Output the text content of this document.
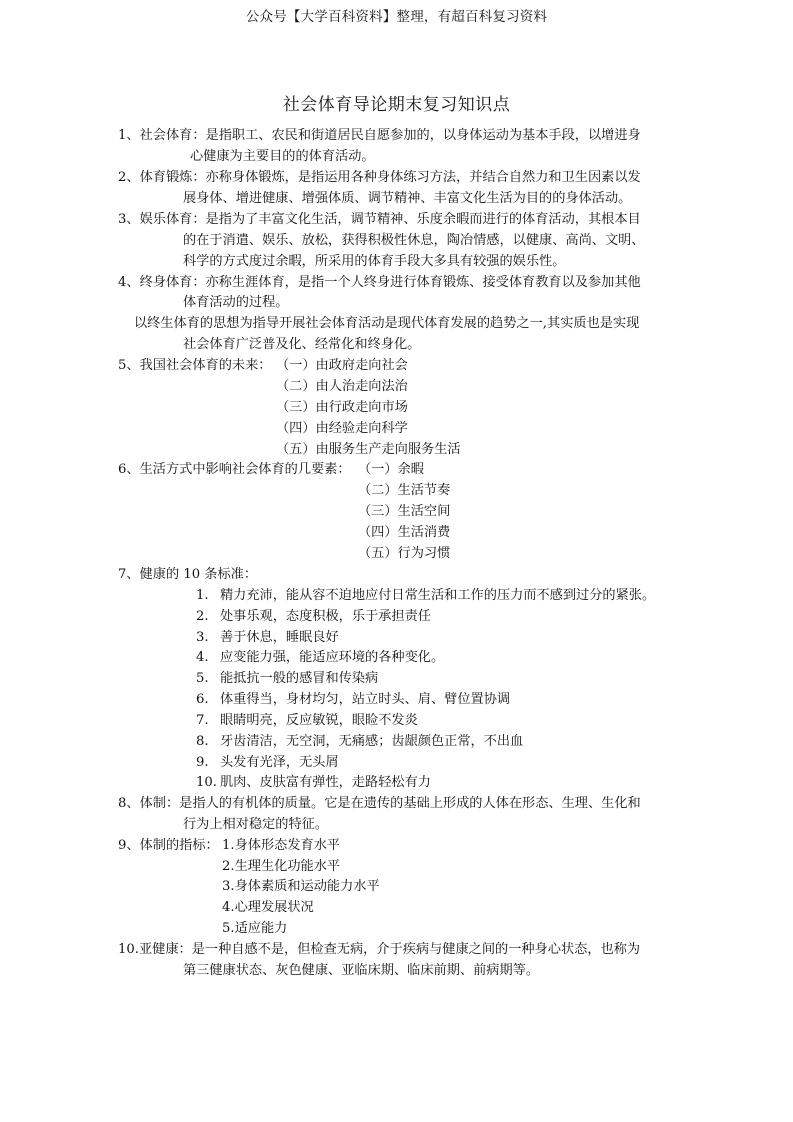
公众号【大学百科资料】整理，有超百科复习资料
社会体育导论期末复习知识点
1、社会体育：是指职工、农民和街道居民自愿参加的，以身体运动为基本手段，以增进身
心健康为主要目的的体育活动。
2、体育锻炼：亦称身体锻炼，是指运用各种身体练习方法，并结合自然力和卫生因素以发
展身体、增进健康、增强体质、调节精神、丰富文化生活为目的的身体活动。
3、娱乐体育：是指为了丰富文化生活，调节精神、乐度余暇而进行的体育活动，其根本目
的在于消遣、娱乐、放松，获得积极性休息，陶冶情感，以健康、高尚、文明、
科学的方式度过余暇，所采用的体育手段大多具有较强的娱乐性。
4、终身体育：亦称生涯体育，是指一个人终身进行体育锻炼、接受体育教育以及参加其他
体育活动的过程。
以终生体育的思想为指导开展社会体育活动是现代体育发展的趋势之一,其实质也是实现
社会体育广泛普及化、经常化和终身化。
5、我国社会体育的未来： （一）由政府走向社会
（二）由人治走向法治
（三）由行政走向市场
（四）由经验走向科学
（五）由服务生产走向服务生活
6、生活方式中影响社会体育的几要素： （一）余暇
（二）生活节奏
（三）生活空间
（四）生活消费
（五）行为习惯
7、健康的 10 条标准：
1. 精力充沛，能从容不迫地应付日常生活和工作的压力而不感到过分的紧张。
2. 处事乐观，态度积极，乐于承担责任
3. 善于休息，睡眠良好
4. 应变能力强，能适应环境的各种变化。
5. 能抵抗一般的感冒和传染病
6. 体重得当，身材均匀，站立时头、肩、臂位置协调
7. 眼睛明亮，反应敏锐，眼睑不发炎
8. 牙齿清洁，无空洞，无痛感；齿龈颜色正常，不出血
9. 头发有光泽，无头屑
10. 肌肉、皮肤富有弹性，走路轻松有力
8、体制：是指人的有机体的质量。它是在遗传的基础上形成的人体在形态、生理、生化和
行为上相对稳定的特征。
9、体制的指标： 1.身体形态发育水平
2.生理生化功能水平
3.身体素质和运动能力水平
4.心理发展状况
5.适应能力
10.亚健康：是一种自感不是，但检查无病，介于疾病与健康之间的一种身心状态，也称为
第三健康状态、灰色健康、亚临床期、临床前期、前病期等。
